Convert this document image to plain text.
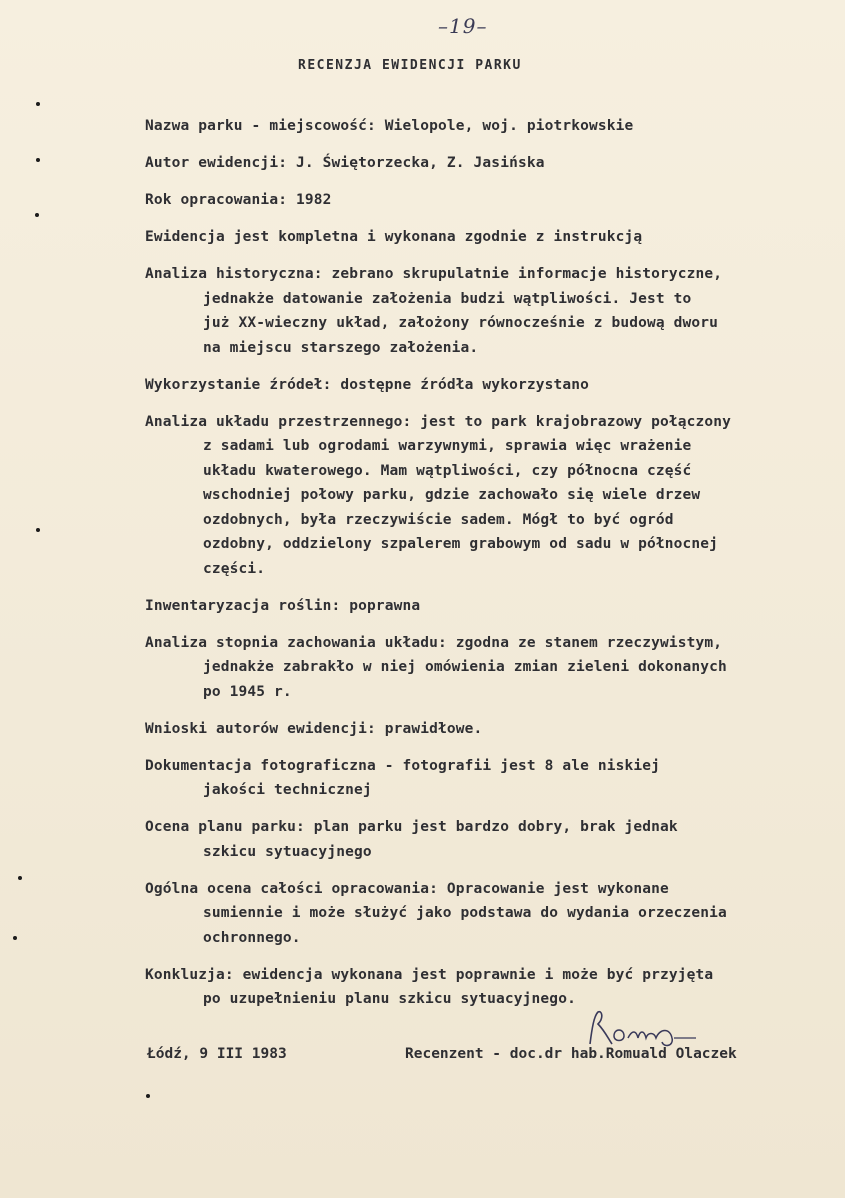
–19–
RECENZJA EWIDENCJI PARKU
Nazwa parku - miejscowość: Wielopole, woj. piotrkowskie
Autor ewidencji: J. Świętorzecka, Z. Jasińska
Rok opracowania: 1982
Ewidencja jest kompletna i wykonana zgodnie z instrukcją
Analiza historyczna: zebrano skrupulatnie informacje historyczne,
jednakże datowanie założenia budzi wątpliwości. Jest to
już XX-wieczny układ, założony równocześnie z budową dworu
na miejscu starszego założenia.
Wykorzystanie źródeł: dostępne źródła wykorzystano
Analiza układu przestrzennego: jest to park krajobrazowy połączony
z sadami lub ogrodami warzywnymi, sprawia więc wrażenie
układu kwaterowego. Mam wątpliwości, czy północna część
wschodniej połowy parku, gdzie zachowało się wiele drzew
ozdobnych, była rzeczywiście sadem. Mógł to być ogród
ozdobny, oddzielony szpalerem grabowym od sadu w północnej
części.
Inwentaryzacja roślin: poprawna
Analiza stopnia zachowania układu: zgodna ze stanem rzeczywistym,
jednakże zabrakło w niej omówienia zmian zieleni dokonanych
po 1945 r.
Wnioski autorów ewidencji: prawidłowe.
Dokumentacja fotograficzna - fotografii jest 8 ale niskiej
jakości technicznej
Ocena planu parku: plan parku jest bardzo dobry, brak jednak
szkicu sytuacyjnego
Ogólna ocena całości opracowania: Opracowanie jest wykonane
sumiennie i może służyć jako podstawa do wydania orzeczenia
ochronnego.
Konkluzja: ewidencja wykonana jest poprawnie i może być przyjęta
po uzupełnieniu planu szkicu sytuacyjnego.
Łódź, 9 III 1983	Recenzent - doc.dr hab.Romuald Olaczek
